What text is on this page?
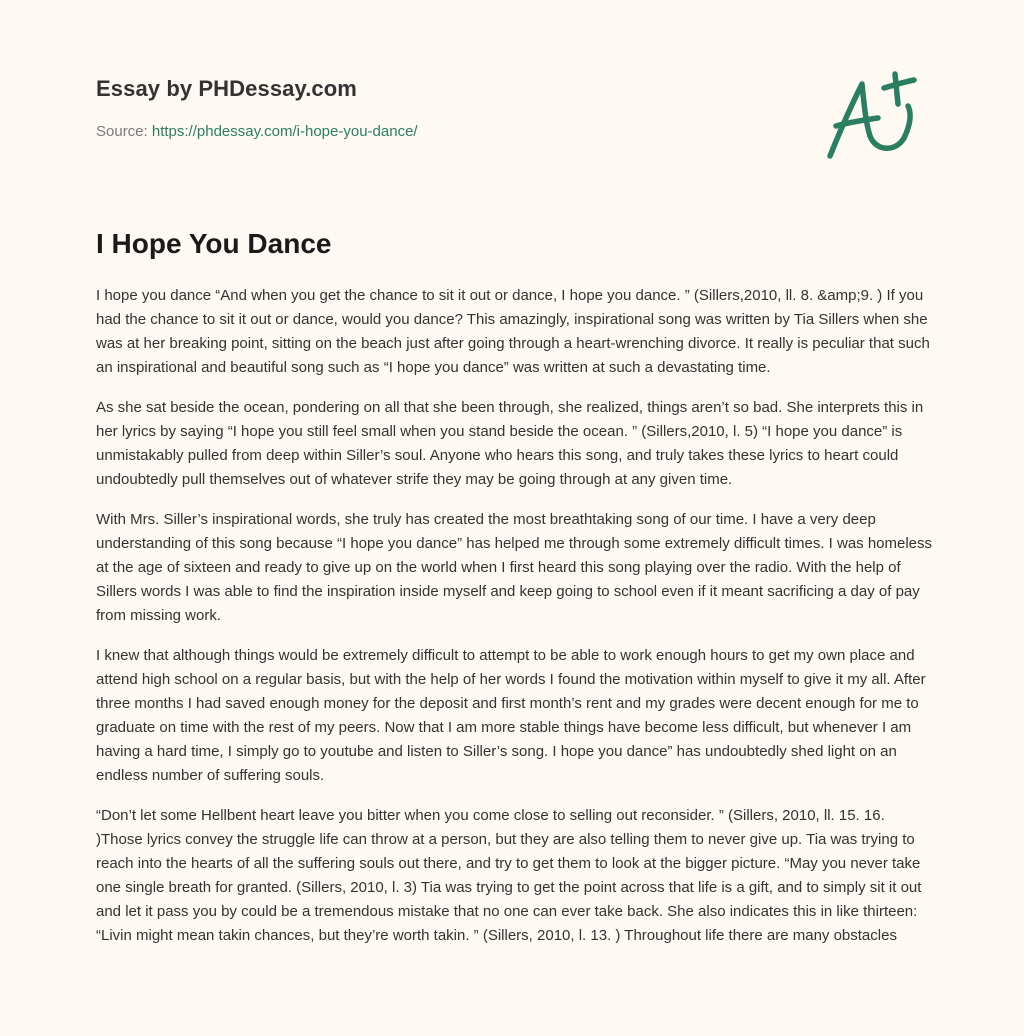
Essay by PHDessay.com
Source: https://phdessay.com/i-hope-you-dance/
I Hope You Dance

I hope you dance “And when you get the chance to sit it out or dance, I hope you dance. ” (Sillers,2010, ll. 8. &amp;9. ) If you had the chance to sit it out or dance, would you dance? This amazingly, inspirational song was written by Tia Sillers when she was at her breaking point, sitting on the beach just after going through a heart-wrenching divorce. It really is peculiar that such an inspirational and beautiful song such as “I hope you dance” was written at such a devastating time.

As she sat beside the ocean, pondering on all that she been through, she realized, things aren’t so bad. She interprets this in her lyrics by saying “I hope you still feel small when you stand beside the ocean. ” (Sillers,2010, l. 5) “I hope you dance” is unmistakably pulled from deep within Siller’s soul. Anyone who hears this song, and truly takes these lyrics to heart could undoubtedly pull themselves out of whatever strife they may be going through at any given time.

With Mrs. Siller’s inspirational words, she truly has created the most breathtaking song of our time. I have a very deep understanding of this song because “I hope you dance” has helped me through some extremely difficult times. I was homeless at the age of sixteen and ready to give up on the world when I first heard this song playing over the radio. With the help of Sillers words I was able to find the inspiration inside myself and keep going to school even if it meant sacrificing a day of pay from missing work.

I knew that although things would be extremely difficult to attempt to be able to work enough hours to get my own place and attend high school on a regular basis, but with the help of her words I found the motivation within myself to give it my all. After three months I had saved enough money for the deposit and first month’s rent and my grades were decent enough for me to graduate on time with the rest of my peers. Now that I am more stable things have become less difficult, but whenever I am having a hard time, I simply go to youtube and listen to Siller’s song. I hope you dance” has undoubtedly shed light on an endless number of suffering souls.

“Don’t let some Hellbent heart leave you bitter when you come close to selling out reconsider. ” (Sillers, 2010, ll. 15. 16. )Those lyrics convey the struggle life can throw at a person, but they are also telling them to never give up. Tia was trying to reach into the hearts of all the suffering souls out there, and try to get them to look at the bigger picture. “May you never take one single breath for granted. (Sillers, 2010, l. 3) Tia was trying to get the point across that life is a gift, and to simply sit it out and let it pass you by could be a tremendous mistake that no one can ever take back. She also indicates this in like thirteen: “Livin might mean takin chances, but they’re worth takin. ” (Sillers, 2010, l. 13. ) Throughout life there are many obstacles
